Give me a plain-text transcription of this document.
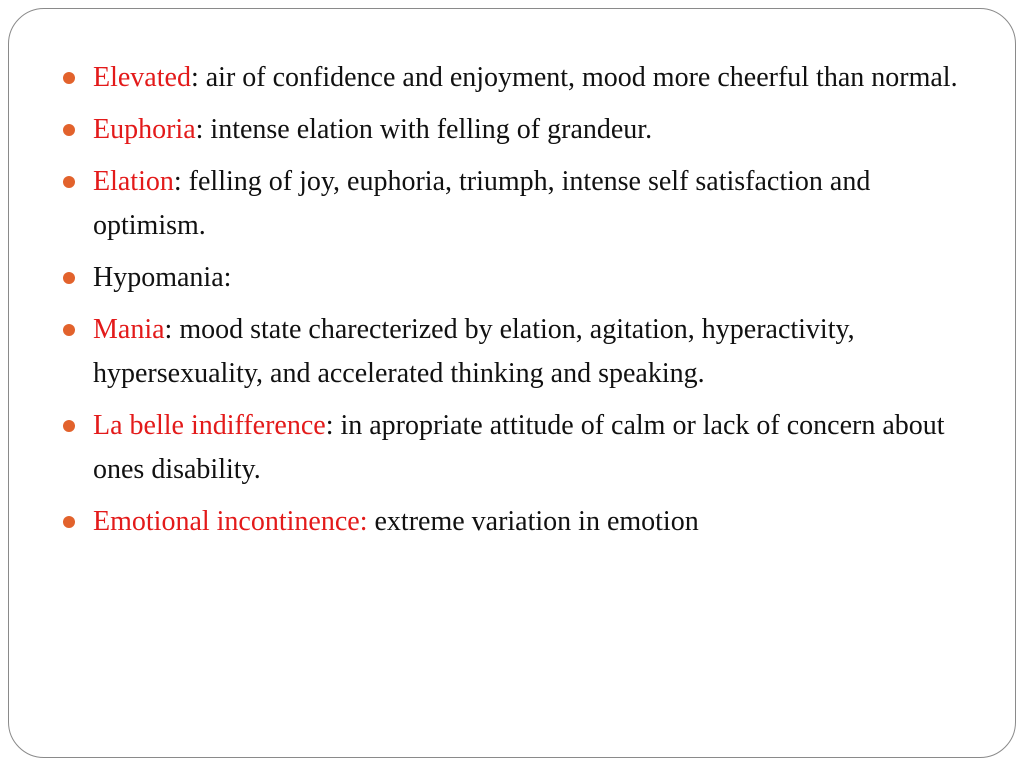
Elevated: air of confidence and enjoyment, mood more cheerful than normal.
Euphoria: intense elation with felling of grandeur.
Elation: felling of joy, euphoria, triumph, intense self satisfaction and optimism.
Hypomania:
Mania: mood state charecterized by elation, agitation, hyperactivity, hypersexuality, and accelerated thinking and speaking.
La belle indifference: in apropriate attitude of calm or lack of concern about ones disability.
Emotional incontinence: extreme variation in emotion
